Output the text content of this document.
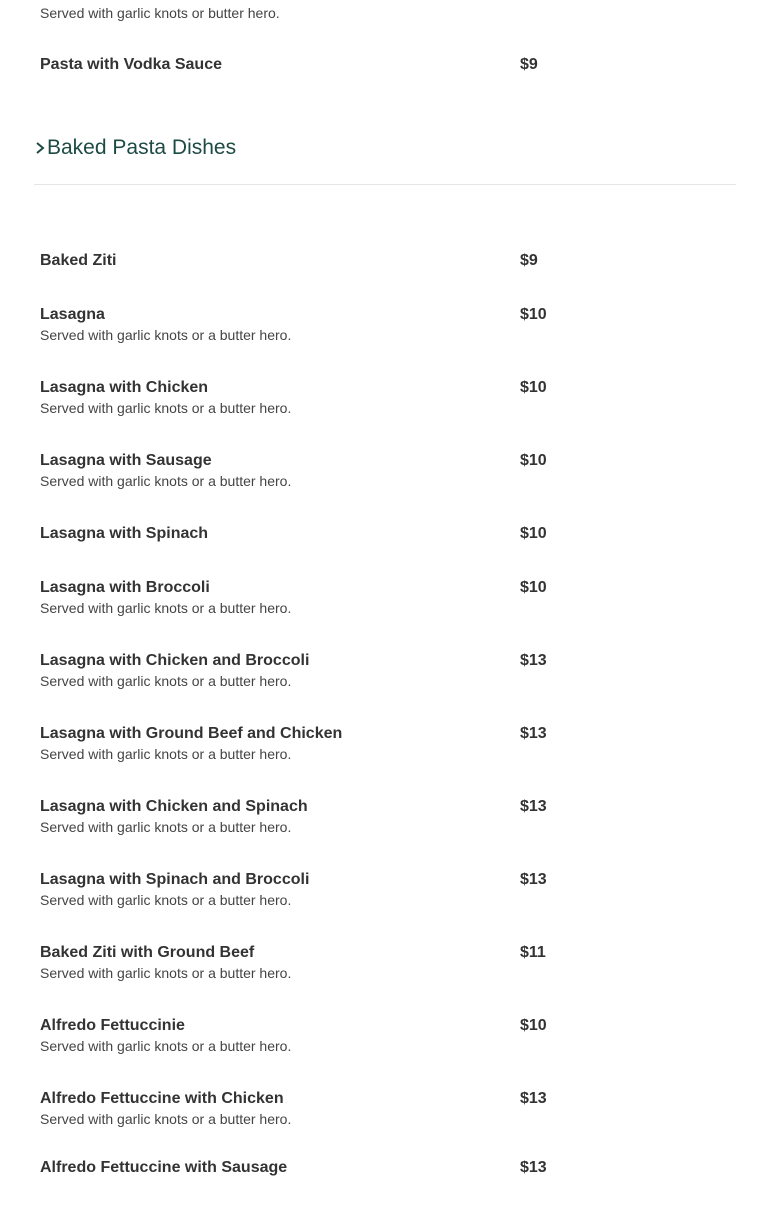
Served with garlic knots or butter hero.
Pasta with Vodka Sauce	$9
Baked Pasta Dishes
Baked Ziti	$9
Lasagna	$10
Served with garlic knots or a butter hero.
Lasagna with Chicken	$10
Served with garlic knots or a butter hero.
Lasagna with Sausage	$10
Served with garlic knots or a butter hero.
Lasagna with Spinach	$10
Lasagna with Broccoli	$10
Served with garlic knots or a butter hero.
Lasagna with Chicken and Broccoli	$13
Served with garlic knots or a butter hero.
Lasagna with Ground Beef and Chicken	$13
Served with garlic knots or a butter hero.
Lasagna with Chicken and Spinach	$13
Served with garlic knots or a butter hero.
Lasagna with Spinach and Broccoli	$13
Served with garlic knots or a butter hero.
Baked Ziti with Ground Beef	$11
Served with garlic knots or a butter hero.
Alfredo Fettuccinie	$10
Served with garlic knots or a butter hero.
Alfredo Fettuccine with Chicken	$13
Served with garlic knots or a butter hero.
Alfredo Fettuccine with Sausage	$13
